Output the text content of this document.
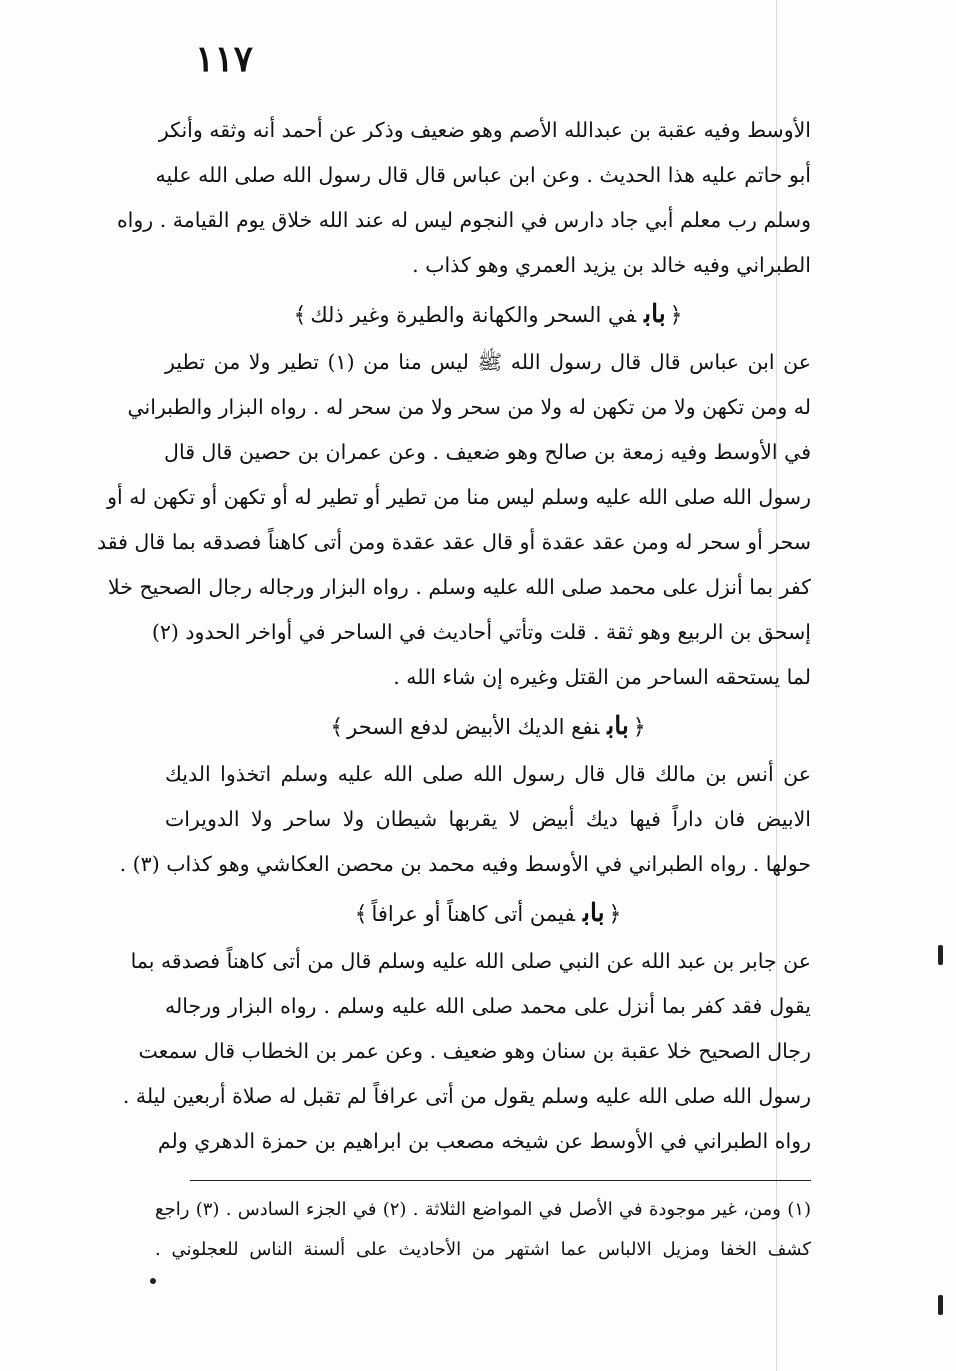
١١٧
الأوسط وفيه عقبة بن عبدالله الأصم وهو ضعيف وذكر عن أحمد أنه وثقه وأنكر
أبو حاتم عليه هذا الحديث . وعن ابن عباس قال قال رسول الله صلى الله عليه
وسلم رب معلم أبي جاد دارس في النجوم ليس له عند الله خلاق يوم القيامة . رواه
الطبراني وفيه خالد بن يزيد العمري وهو كذاب .
﴿بابفي السحر والكهانة والطيرة وغير ذلك﴾
عن ابن عباس قال قال رسول الله ﷺ ليس منا من (١) تطير ولا من تطير
له ومن تكهن ولا من تكهن له ولا من سحر ولا من سحر له . رواه البزار والطبراني
في الأوسط وفيه زمعة بن صالح وهو ضعيف . وعن عمران بن حصين قال قال
رسول الله صلى الله عليه وسلم ليس منا من تطير أو تطير له أو تكهن أو تكهن له أو
سحر أو سحر له ومن عقد عقدة أو قال عقد عقدة ومن أتى كاهناً فصدقه بما قال فقد
كفر بما أنزل على محمد صلى الله عليه وسلم . رواه البزار ورجاله رجال الصحيح خلا
إسحق بن الربيع وهو ثقة . قلت وتأتي أحاديث في الساحر في أواخر الحدود (٢)
لما يستحقه الساحر من القتل وغيره إن شاء الله .
﴿بابنفع الديك الأبيض لدفع السحر﴾
عن أنس بن مالك قال قال رسول الله صلى الله عليه وسلم اتخذوا الديك
الابيض فان داراً فيها ديك أبيض لا يقربها شيطان ولا ساحر ولا الدويرات
حولها . رواه الطبراني في الأوسط وفيه محمد بن محصن العكاشي وهو كذاب (٣) .
﴿بابفيمن أتى كاهناً أو عرافاً﴾
عن جابر بن عبد الله عن النبي صلى الله عليه وسلم قال من أتى كاهناً فصدقه بما
يقول فقد كفر بما أنزل على محمد صلى الله عليه وسلم . رواه البزار ورجاله
رجال الصحيح خلا عقبة بن سنان وهو ضعيف . وعن عمر بن الخطاب قال سمعت
رسول الله صلى الله عليه وسلم يقول من أتى عرافاً لم تقبل له صلاة أربعين ليلة .
رواه الطبراني في الأوسط عن شيخه مصعب بن ابراهيم بن حمزة الدهري ولم
(١) ومن، غير موجودة في الأصل في المواضع الثلاثة . (٢) في الجزء السادس . (٣) راجع
كشف الخفا ومزيل الالباس عما اشتهر من الأحاديث على ألسنة الناس للعجلوني .
